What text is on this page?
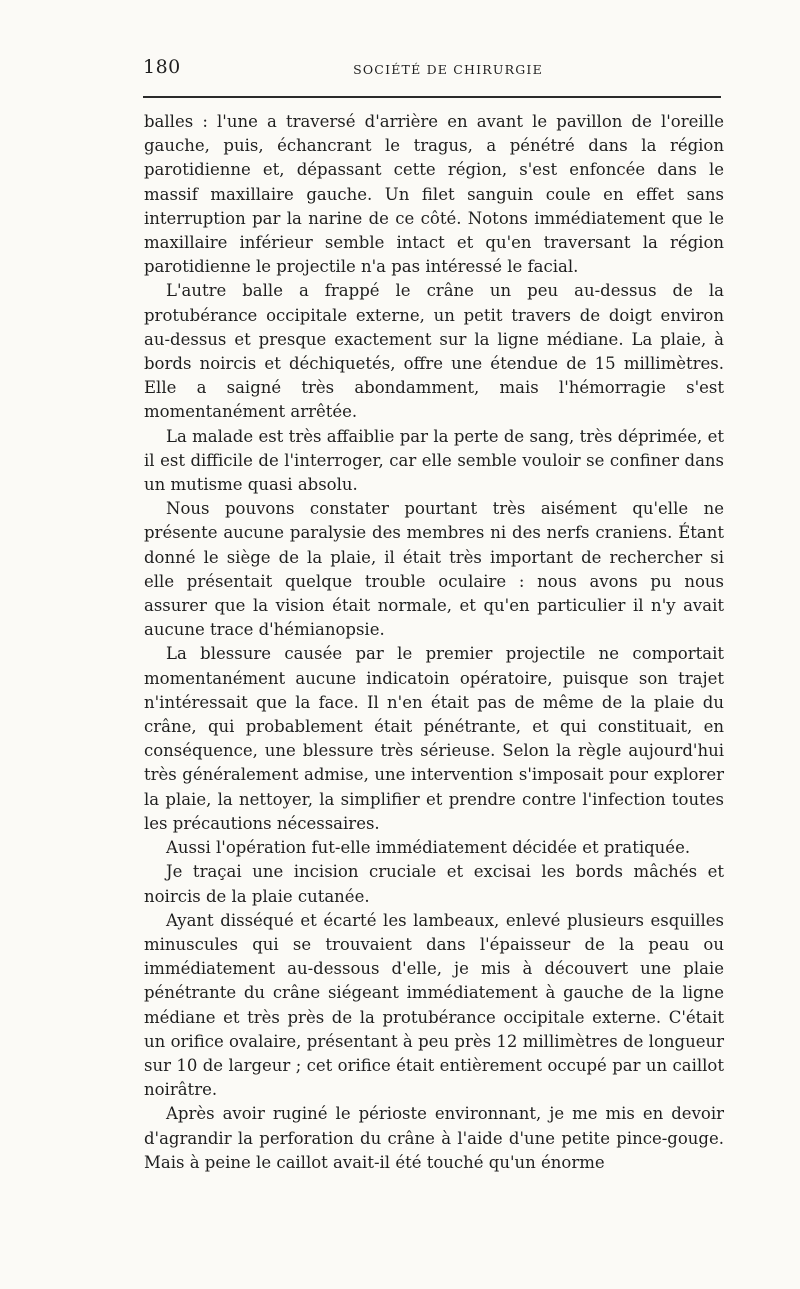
180	SOCIÉTÉ DE CHIRURGIE

balles : l'une a traversé d'arrière en avant le pavillon de l'oreille gauche, puis, échancrant le tragus, a pénétré dans la région parotidienne et, dépassant cette région, s'est enfoncée dans le massif maxillaire gauche. Un filet sanguin coule en effet sans interruption par la narine de ce côté. Notons immédiatement que le maxillaire inférieur semble intact et qu'en traversant la région parotidienne le projectile n'a pas intéressé le facial.

L'autre balle a frappé le crâne un peu au-dessus de la protubérance occipitale externe, un petit travers de doigt environ au-dessus et presque exactement sur la ligne médiane. La plaie, à bords noircis et déchiquetés, offre une étendue de 15 millimètres. Elle a saigné très abondamment, mais l'hémorragie s'est momentanément arrêtée.

La malade est très affaiblie par la perte de sang, très déprimée, et il est difficile de l'interroger, car elle semble vouloir se confiner dans un mutisme quasi absolu.

Nous pouvons constater pourtant très aisément qu'elle ne présente aucune paralysie des membres ni des nerfs craniens. Étant donné le siège de la plaie, il était très important de rechercher si elle présentait quelque trouble oculaire : nous avons pu nous assurer que la vision était normale, et qu'en particulier il n'y avait aucune trace d'hémianopsie.

La blessure causée par le premier projectile ne comportait momentanément aucune indicatoin opératoire, puisque son trajet n'intéressait que la face. Il n'en était pas de même de la plaie du crâne, qui probablement était pénétrante, et qui constituait, en conséquence, une blessure très sérieuse. Selon la règle aujourd'hui très généralement admise, une intervention s'imposait pour explorer la plaie, la nettoyer, la simplifier et prendre contre l'infection toutes les précautions nécessaires.

Aussi l'opération fut-elle immédiatement décidée et pratiquée.

Je traçai une incision cruciale et excisai les bords mâchés et noircis de la plaie cutanée.

Ayant disséqué et écarté les lambeaux, enlevé plusieurs esquilles minuscules qui se trouvaient dans l'épaisseur de la peau ou immédiatement au-dessous d'elle, je mis à découvert une plaie pénétrante du crâne siégeant immédiatement à gauche de la ligne médiane et très près de la protubérance occipitale externe. C'était un orifice ovalaire, présentant à peu près 12 millimètres de longueur sur 10 de largeur ; cet orifice était entièrement occupé par un caillot noirâtre.

Après avoir ruginé le périoste environnant, je me mis en devoir d'agrandir la perforation du crâne à l'aide d'une petite pince-gouge. Mais à peine le caillot avait-il été touché qu'un énorme
